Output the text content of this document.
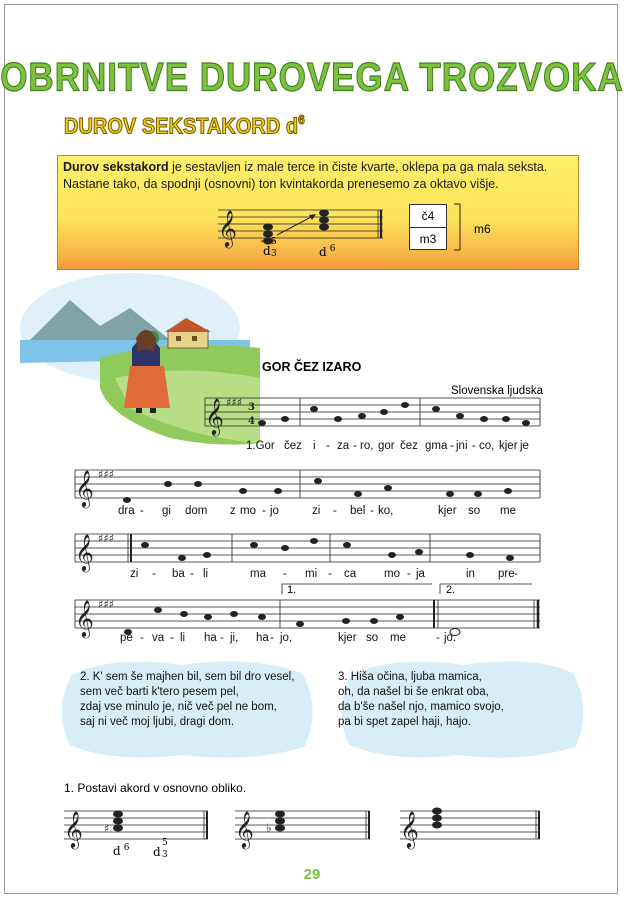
OBRNITVE DUROVEGA TROZVOKA
DUROV SEKSTAKORD $d^6$
Durov sekstakord je sestavljen iz male terce in čiste kvarte, oklepa pa ga mala seksta. Nastane tako, da spodnji (osnovni) ton kvintakorda prenesemo za oktavo višje.
𝄞
d
5
3	d $^6$
č4
m3
m6
GOR ČEZ IZARO
Slovenska ljudska
𝄞
𝄞
𝄞
𝄞
𝄞	𝄞	𝄞
♯♯♯
♯♯♯
♯♯♯
♯♯♯
3
4
♯	♭
1.	2.
1.Gor čez i - za - ro, gor čez gma - jni - co, kjer je
dra - gi dom z mo - jo	zi - bel - ko,	kjer so me
zi - ba - li	ma - mi - ca mo - ja	in pre -
pe - va - li ha - ji, ha - jo,	kjer so me	- jo.
2. K' sem še majhen bil, sem bil dro vesel,
sem več barti k'tero pesem pel,
zdaj vse minulo je, nič več pel ne bom,
saj ni več moj ljubi, dragi dom.
3. Hiša očina, ljuba mamica,
oh, da našel bi še enkrat oba,
da b'še našel njo, mamico svojo,
pa bi spet zapel haji, hajo.
1. Postavi akord v osnovno obliko.
d $^6$ d
5
3
29
